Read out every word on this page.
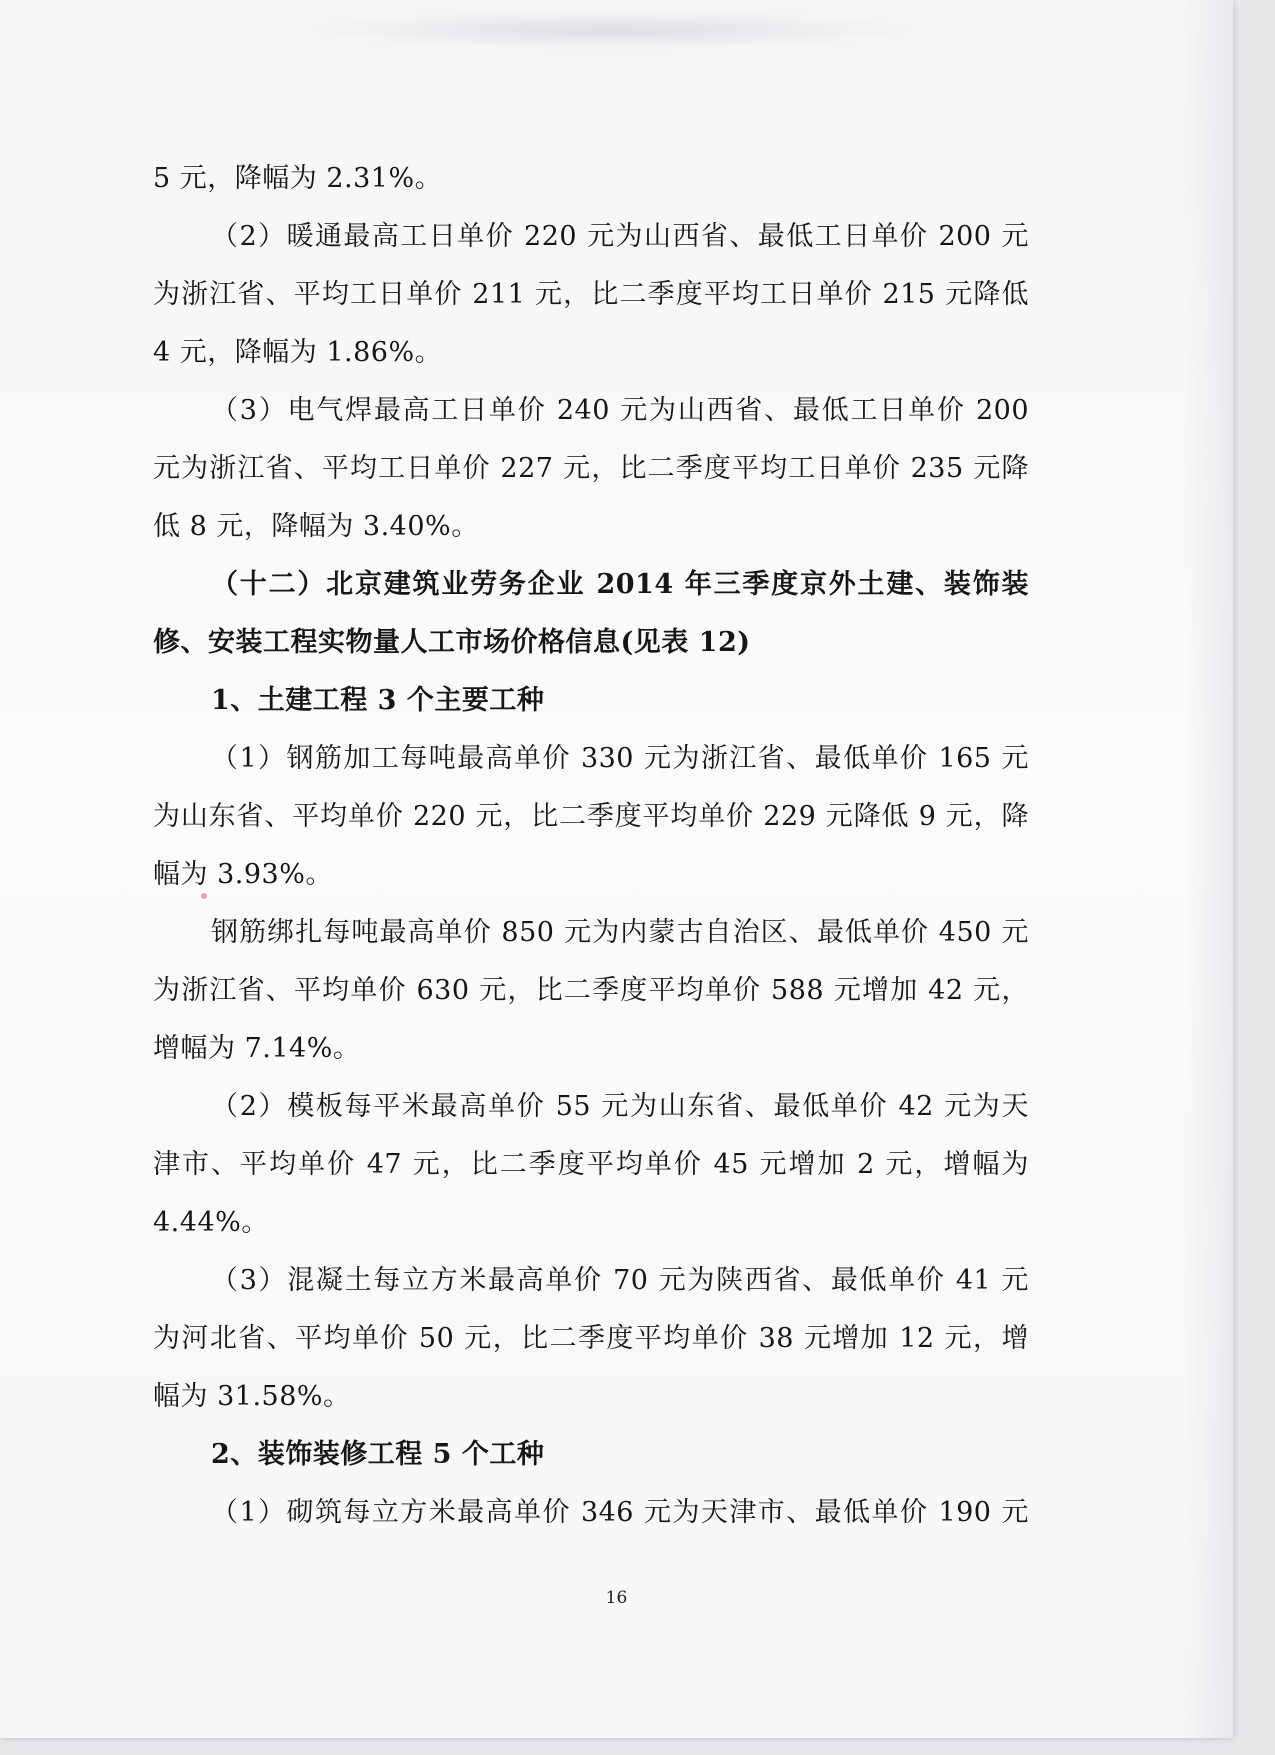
5 元，降幅为 2.31%。
（2）暖通最高工日单价 220 元为山西省、最低工日单价 200 元
为浙江省、平均工日单价 211 元，比二季度平均工日单价 215 元降低
4 元，降幅为 1.86%。
（3）电气焊最高工日单价 240 元为山西省、最低工日单价 200
元为浙江省、平均工日单价 227 元，比二季度平均工日单价 235 元降
低 8 元，降幅为 3.40%。
（十二）北京建筑业劳务企业 2014 年三季度京外土建、装饰装
修、安装工程实物量人工市场价格信息(见表 12)
1、土建工程 3 个主要工种
（1）钢筋加工每吨最高单价 330 元为浙江省、最低单价 165 元
为山东省、平均单价 220 元，比二季度平均单价 229 元降低 9 元，降
幅为 3.93%。
钢筋绑扎每吨最高单价 850 元为内蒙古自治区、最低单价 450 元
为浙江省、平均单价 630 元，比二季度平均单价 588 元增加 42 元，
增幅为 7.14%。
（2）模板每平米最高单价 55 元为山东省、最低单价 42 元为天
津市、平均单价 47 元，比二季度平均单价 45 元增加 2 元，增幅为
4.44%。
（3）混凝土每立方米最高单价 70 元为陕西省、最低单价 41 元
为河北省、平均单价 50 元，比二季度平均单价 38 元增加 12 元，增
幅为 31.58%。
2、装饰装修工程 5 个工种
（1）砌筑每立方米最高单价 346 元为天津市、最低单价 190 元
16
